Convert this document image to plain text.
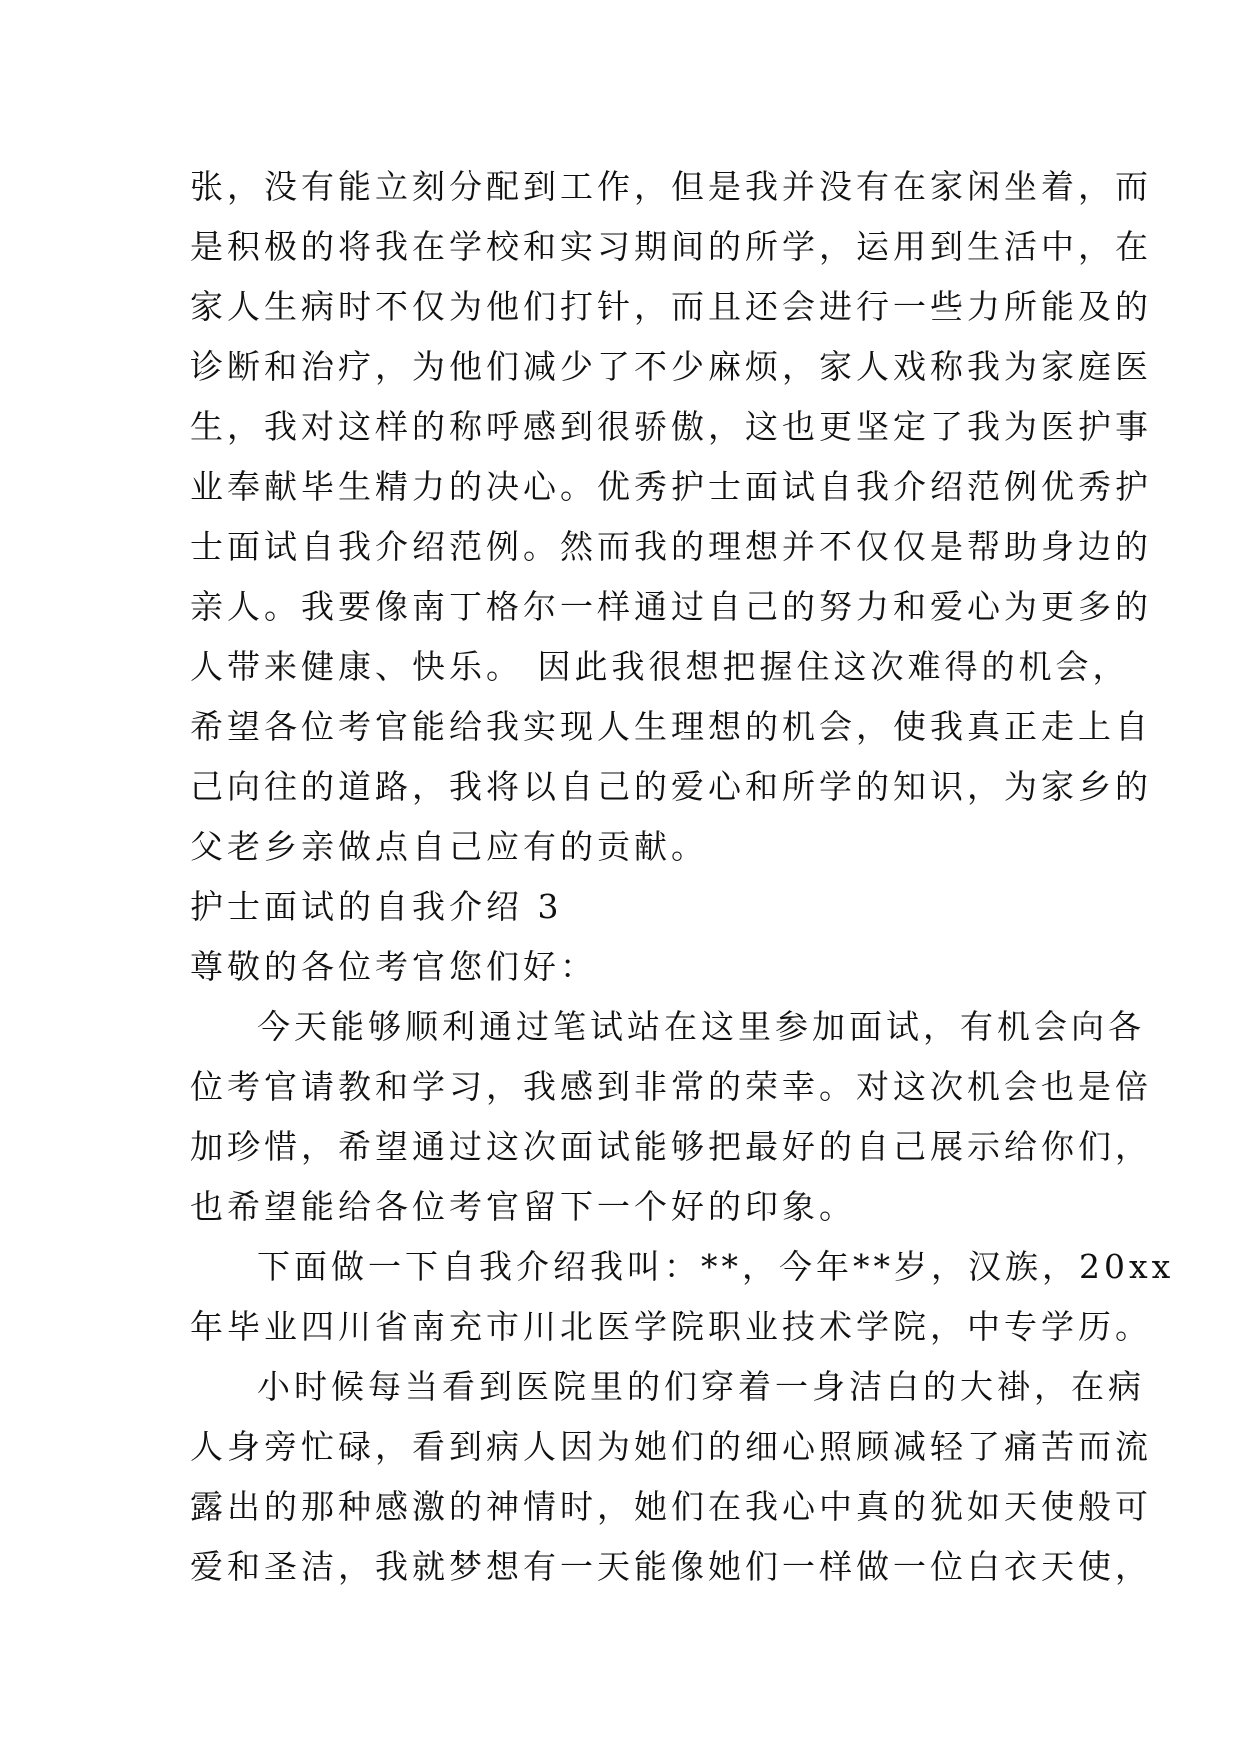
张，没有能立刻分配到工作，但是我并没有在家闲坐着，而
是积极的将我在学校和实习期间的所学，运用到生活中，在
家人生病时不仅为他们打针，而且还会进行一些力所能及的
诊断和治疗，为他们减少了不少麻烦，家人戏称我为家庭医
生，我对这样的称呼感到很骄傲，这也更坚定了我为医护事
业奉献毕生精力的决心。优秀护士面试自我介绍范例优秀护
士面试自我介绍范例。然而我的理想并不仅仅是帮助身边的
亲人。我要像南丁格尔一样通过自己的努力和爱心为更多的
人带来健康、快乐。 因此我很想把握住这次难得的机会，
希望各位考官能给我实现人生理想的机会，使我真正走上自
己向往的道路，我将以自己的爱心和所学的知识，为家乡的
父老乡亲做点自己应有的贡献。
护士面试的自我介绍 3
尊敬的各位考官您们好：
今天能够顺利通过笔试站在这里参加面试，有机会向各
位考官请教和学习，我感到非常的荣幸。对这次机会也是倍
加珍惜，希望通过这次面试能够把最好的自己展示给你们，
也希望能给各位考官留下一个好的印象。
下面做一下自我介绍我叫：**，今年**岁，汉族，20xx
年毕业四川省南充市川北医学院职业技术学院，中专学历。
小时候每当看到医院里的们穿着一身洁白的大褂，在病
人身旁忙碌，看到病人因为她们的细心照顾减轻了痛苦而流
露出的那种感激的神情时，她们在我心中真的犹如天使般可
爱和圣洁，我就梦想有一天能像她们一样做一位白衣天使，
